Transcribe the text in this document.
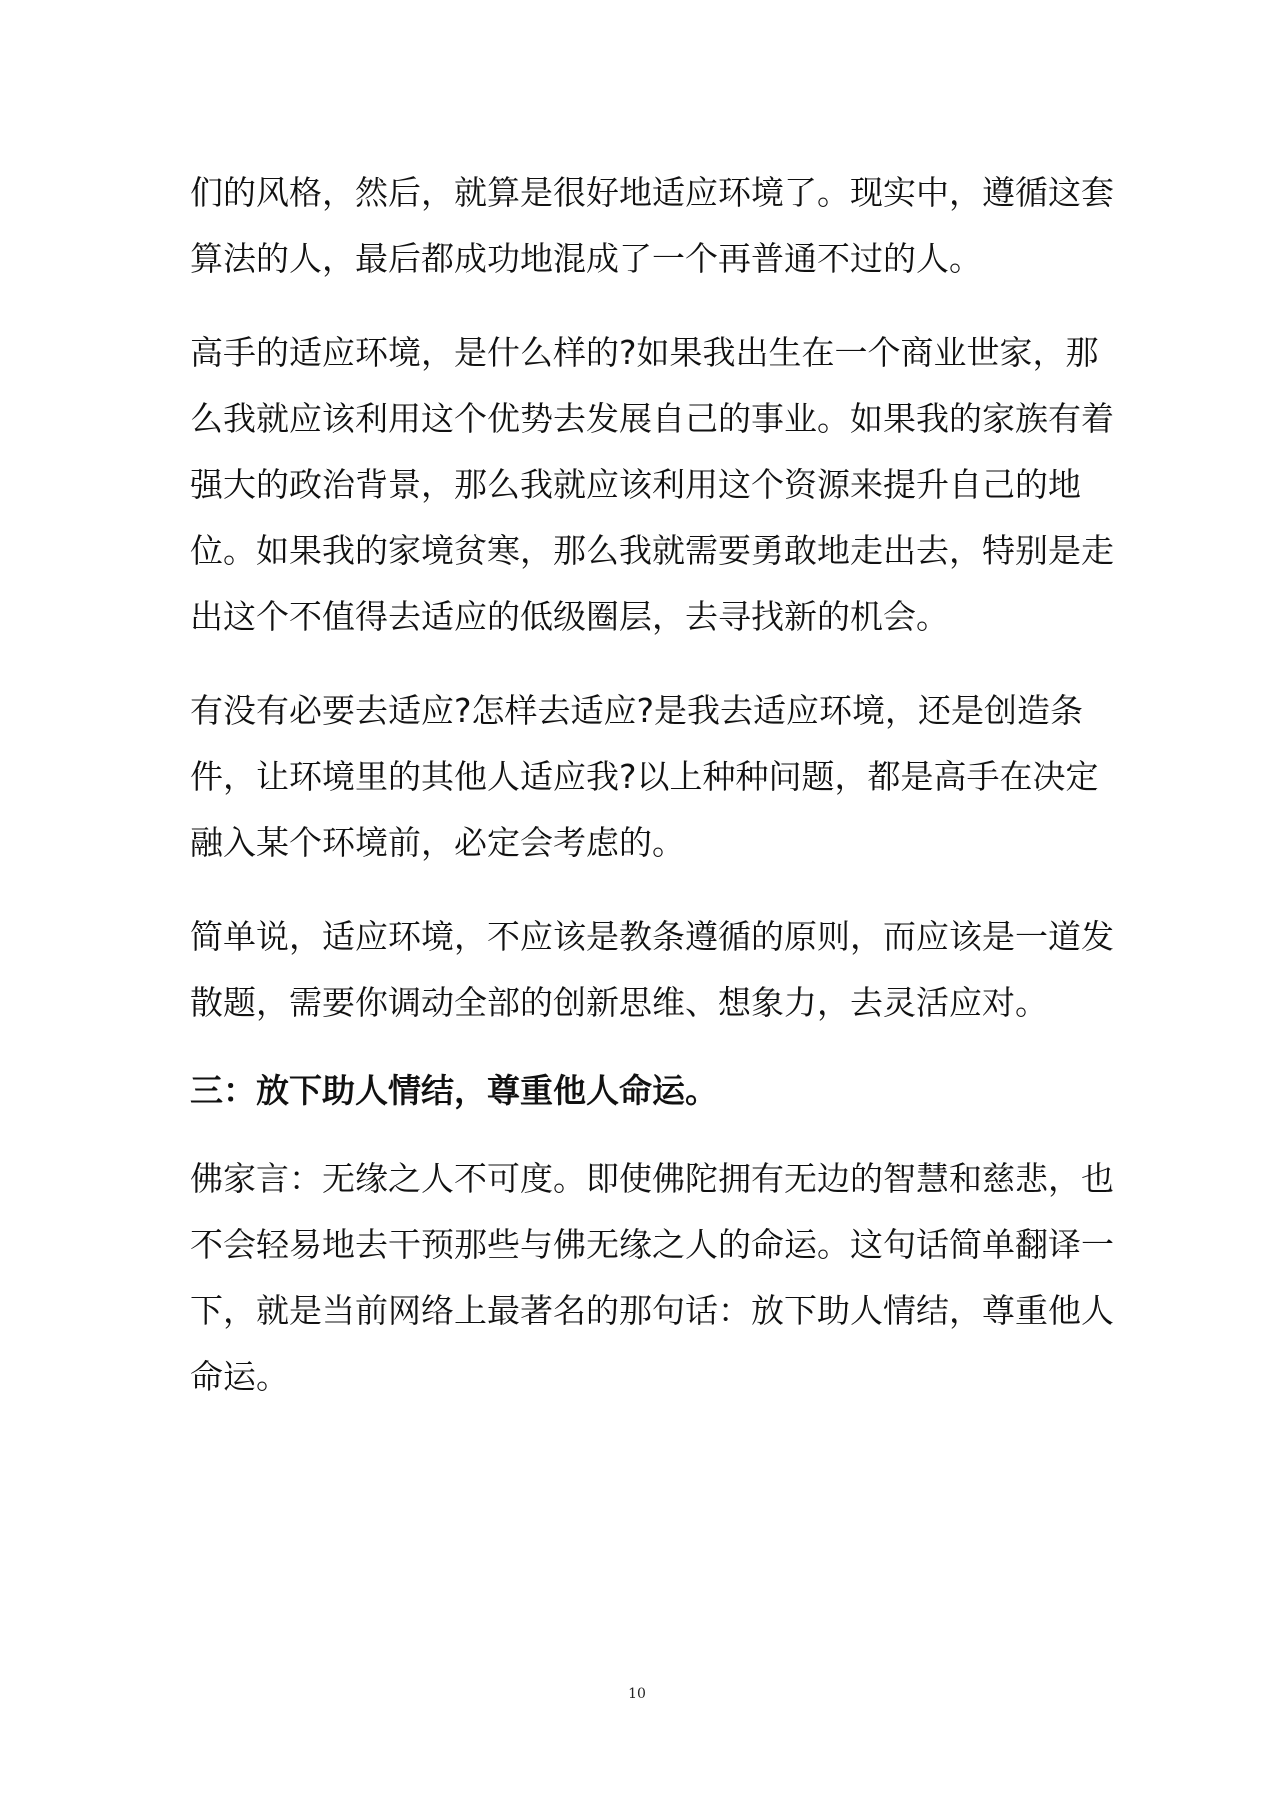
们的风格，然后，就算是很好地适应环境了。现实中，遵循这套算法的人，最后都成功地混成了一个再普通不过的人。

高手的适应环境，是什么样的?如果我出生在一个商业世家，那么我就应该利用这个优势去发展自己的事业。如果我的家族有着强大的政治背景，那么我就应该利用这个资源来提升自己的地位。如果我的家境贫寒，那么我就需要勇敢地走出去，特别是走出这个不值得去适应的低级圈层，去寻找新的机会。

有没有必要去适应?怎样去适应?是我去适应环境，还是创造条件，让环境里的其他人适应我?以上种种问题，都是高手在决定融入某个环境前，必定会考虑的。

简单说，适应环境，不应该是教条遵循的原则，而应该是一道发散题，需要你调动全部的创新思维、想象力，去灵活应对。

三：放下助人情结，尊重他人命运。

佛家言：无缘之人不可度。即使佛陀拥有无边的智慧和慈悲，也不会轻易地去干预那些与佛无缘之人的命运。这句话简单翻译一下，就是当前网络上最著名的那句话：放下助人情结，尊重他人命运。

10
